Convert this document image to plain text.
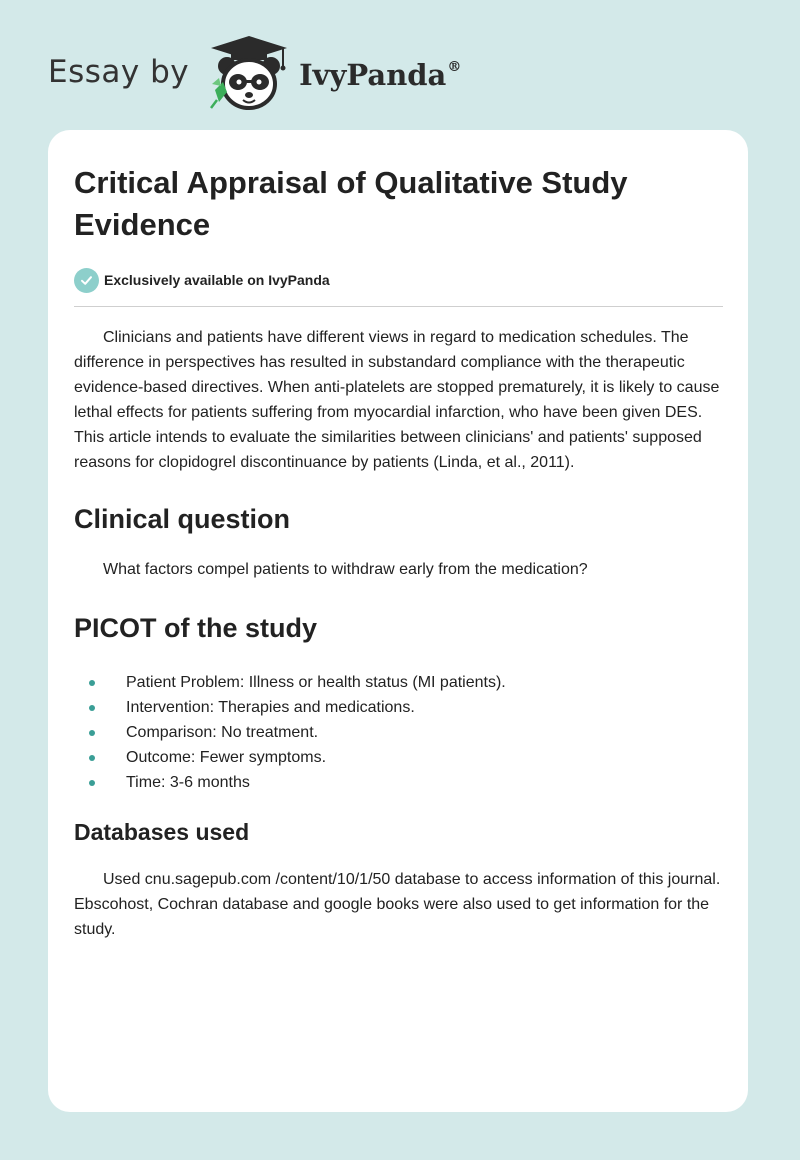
Essay by	IvyPanda®
Critical Appraisal of Qualitative Study Evidence
Exclusively available on IvyPanda

Clinicians and patients have different views in regard to medication schedules. The difference in perspectives has resulted in substandard compliance with the therapeutic evidence-based directives. When anti-platelets are stopped prematurely, it is likely to cause lethal effects for patients suffering from myocardial infarction, who have been given DES. This article intends to evaluate the similarities between clinicians' and patients' supposed reasons for clopidogrel discontinuance by patients (Linda, et al., 2011).

Clinical question

What factors compel patients to withdraw early from the medication?

PICOT of the study
Patient Problem: Illness or health status (MI patients).
Intervention: Therapies and medications.
Comparison: No treatment.
Outcome: Fewer symptoms.
Time: 3-6 months
Databases used

Used cnu.sagepub.com /content/10/1/50 database to access information of this journal. Ebscohost, Cochran database and google books were also used to get information for the study.
